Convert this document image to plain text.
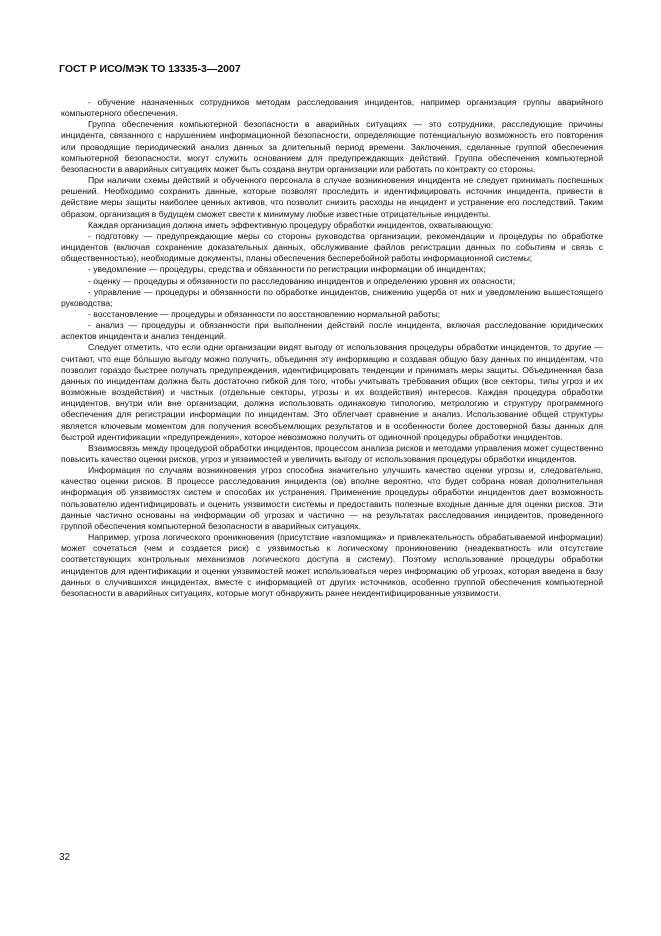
ГОСТ Р ИСО/МЭК ТО 13335-3—2007

- обучение назначенных сотрудников методам расследования инцидентов, например организация группы аварийного компьютерного обеспечения.

Группа обеспечения компьютерной безопасности в аварийных ситуациях — это сотрудники, расследующие причины инцидента, связанного с нарушением информационной безопасности, определяющие потенциальную возможность его повторения или проводящие периодический анализ данных за длительный период времени. Заключения, сделанные группой обеспечения компьютерной безопасности, могут служить основанием для предупреждающих действий. Группа обеспечения компьютерной безопасности в аварийных ситуациях может быть создана внутри организации или работать по контракту со стороны.

При наличии схемы действий и обученного персонала в случае возникновения инцидента не следует принимать поспешных решений. Необходимо сохранить данные, которые позволят проследить и идентифицировать источник инцидента, привести в действие меры защиты наиболее ценных активов, что позволит снизить расходы на инцидент и устранение его последствий. Таким образом, организация в будущем сможет свести к минимуму любые известные отрицательные инциденты.

Каждая организация должна иметь эффективную процедуру обработки инцидентов, охватывающую:

- подготовку — предупреждающие меры со стороны руководства организации, рекомендации и процедуры по обработке инцидентов (включая сохранение доказательных данных, обслуживание файлов регистрации данных по событиям и связь с общественностью), необходимые документы, планы обеспечения бесперебойной работы информационной системы;

- уведомление — процедуры, средства и обязанности по регистрации информации об инцидентах;

- оценку — процедуры и обязанности по расследованию инцидентов и определению уровня их опасности;

- управление — процедуры и обязанности по обработке инцидентов, снижению ущерба от них и уведомлению вышестоящего руководства;

- восстановление — процедуры и обязанности по восстановлению нормальной работы;

- анализ — процедуры и обязанности при выполнении действий после инцидента, включая расследование юридических аспектов инцидента и анализ тенденций.

Следует отметить, что если одни организации видят выгоду от использования процедуры обработки инцидентов, то другие — считают, что еще бо́льшую выгоду можно получить, объединяя эту информацию и создавая общую базу данных по инцидентам, что позволит гораздо быстрее получать предупреждения, идентифицировать тенденции и принимать меры защиты. Объединенная база данных по инцидентам должна быть достаточно гибкой для того, чтобы учитывать требования общих (все секторы, типы угроз и их возможные воздействия) и частных (отдельные секторы, угрозы и их воздействия) интересов. Каждая процедура обработки инцидентов, внутри или вне организации, должна использовать одинаковую типологию, метрологию и структуру программного обеспечения для регистрации информации по инцидентам. Это облегчает сравнение и анализ. Использование общей структуры является ключевым моментом для получения всеобъемлющих результатов и в особенности более достоверной базы данных для быстрой идентификации «предупреждения», которое невозможно получить от одиночной процедуры обработки инцидентов.

Взаимосвязь между процедурой обработки инцидентов, процессом анализа рисков и методами управления может существенно повысить качество оценки рисков, угроз и уязвимостей и увеличить выгоду от использования процедуры обработки инцидентов.

Информация по случаям возникновения угроз способна значительно улучшить качество оценки угрозы и, следовательно, качество оценки рисков. В процессе расследования инцидента (ов) вполне вероятно, что будет собрана новая дополнительная информация об уязвимостях систем и способах их устранения. Применение процедуры обработки инцидентов дает возможность пользователю идентифицировать и оценить уязвимости системы и предоставить полезные входные данные для оценки рисков. Эти данные частично основаны на информации об угрозах и частично — на результатах расследования инцидентов, проведенного группой обеспечения компьютерной безопасности в аварийных ситуациях.

Например, угроза логического проникновения (присутствие «взломщика» и привлекательность обрабатываемой информации) может сочетаться (чем и создается риск) с уязвимостью к логическому проникновению (неадекватность или отсутствие соответствующих контрольных механизмов логического доступа в систему). Поэтому использование процедуры обработки инцидентов для идентификации и оценки уязвимостей может использоваться через информацию об угрозах, которая введена в базу данных о случившихся инцидентах, вместе с информацией от других источников, особенно группой обеспечения компьютерной безопасности в аварийных ситуациях, которые могут обнаружить ранее неидентифицированные уязвимости.

32
